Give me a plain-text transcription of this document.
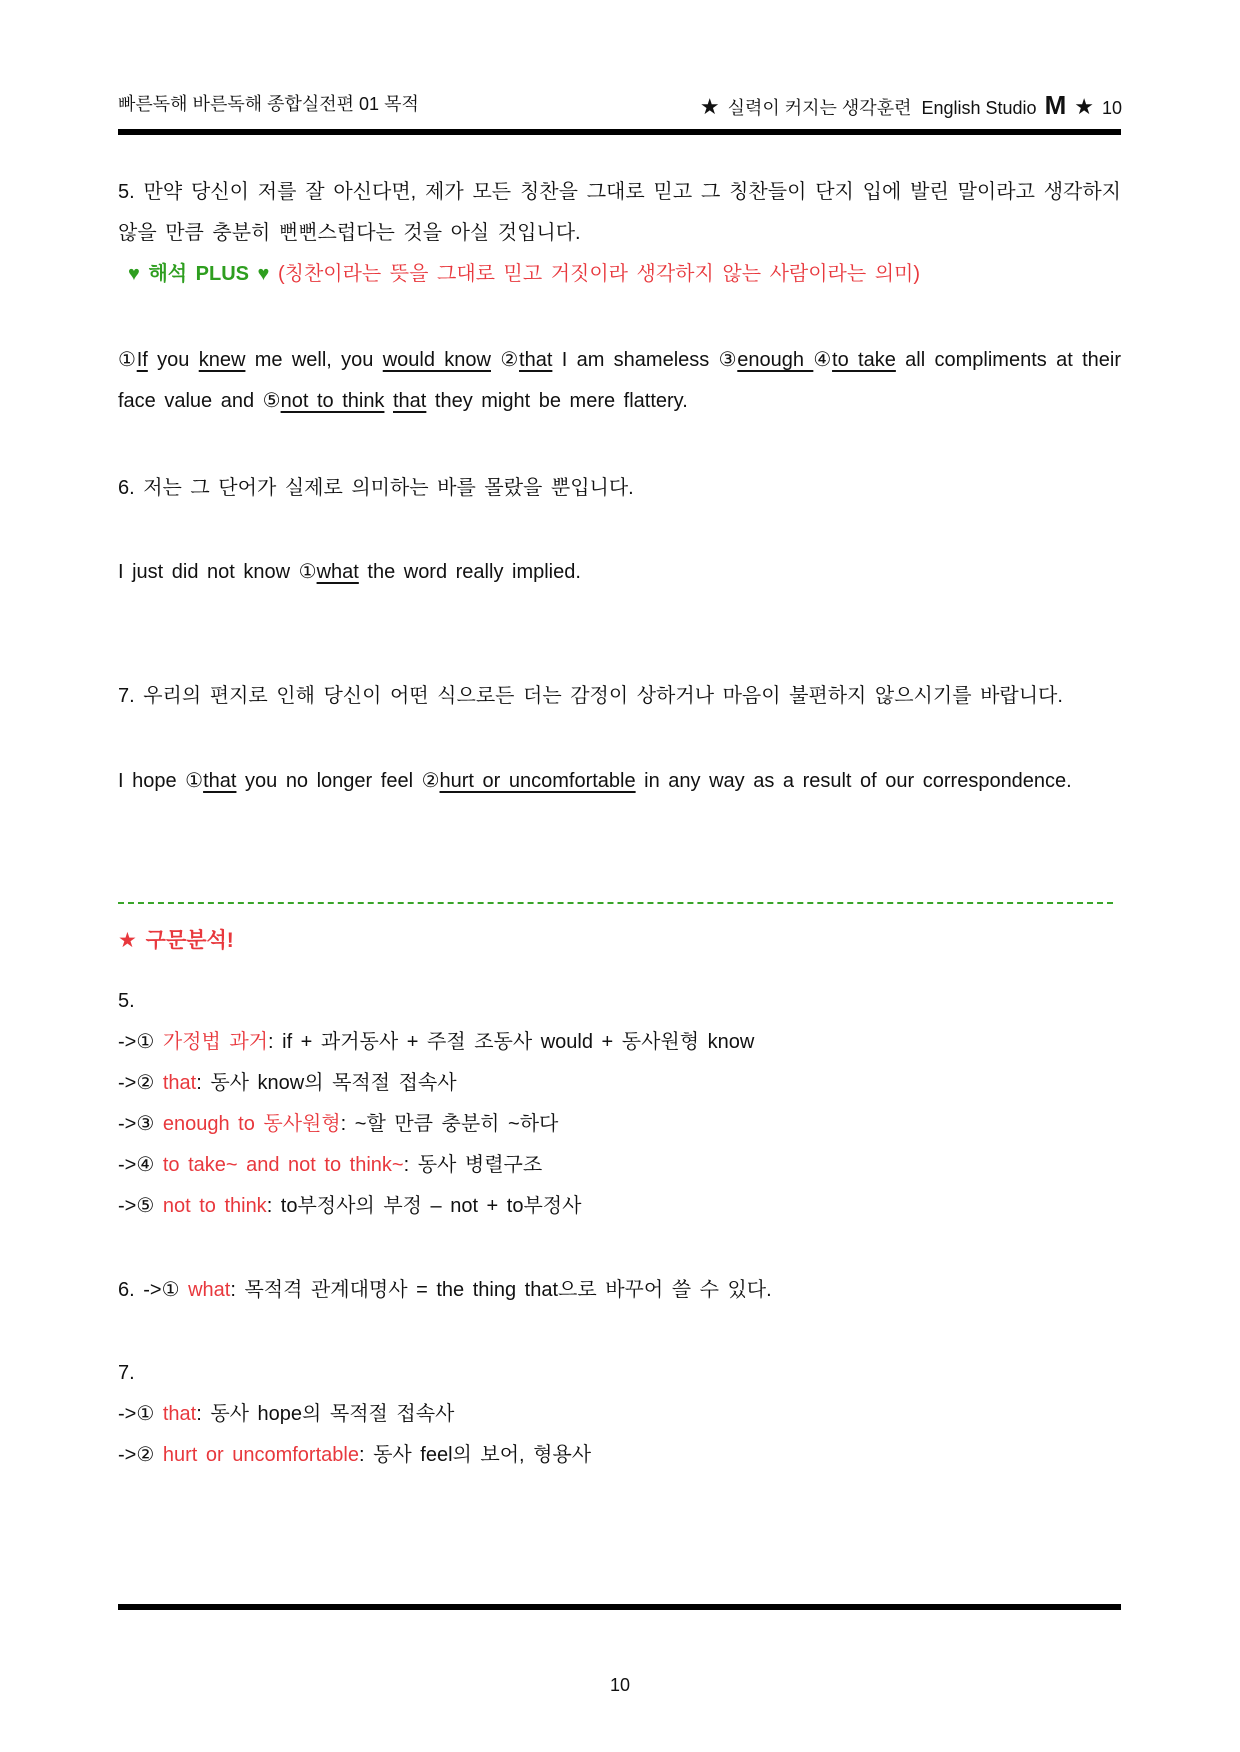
빠른독해 바른독해 종합실전편 01 목적	★ 실력이 커지는 생각훈련  English Studio M ★ 10

5. 만약 당신이 저를 잘 아신다면, 제가 모든 칭찬을 그대로 믿고 그 칭찬들이 단지 입에 발린 말이라고 생각하지 않을 만큼 충분히 뻔뻔스럽다는 것을 아실 것입니다.

♥ 해석 PLUS ♥ (칭찬이라는 뜻을 그대로 믿고 거짓이라 생각하지 않는 사람이라는 의미)

①If you knew me well, you would know ②that I am shameless ③enough ④to take all compliments at their face value and ⑤not to think that they might be mere flattery.

6. 저는 그 단어가 실제로 의미하는 바를 몰랐을 뿐입니다.

I just did not know ①what the word really implied.

7. 우리의 편지로 인해 당신이 어떤 식으로든 더는 감정이 상하거나 마음이 불편하지 않으시기를 바랍니다.

I hope ①that you no longer feel ②hurt or uncomfortable in any way as a result of our correspondence.

★ 구문분석!

5.

->① 가정법 과거: if + 과거동사 + 주절 조동사 would + 동사원형 know

->② that: 동사 know의 목적절 접속사

->③ enough to 동사원형: ~할 만큼 충분히 ~하다

->④ to take~ and not to think~: 동사 병렬구조

->⑤ not to think: to부정사의 부정 – not + to부정사

6. ->① what: 목적격 관계대명사 = the thing that으로 바꾸어 쓸 수 있다.

7.

->① that: 동사 hope의 목적절 접속사

->② hurt or uncomfortable: 동사 feel의 보어, 형용사

10
